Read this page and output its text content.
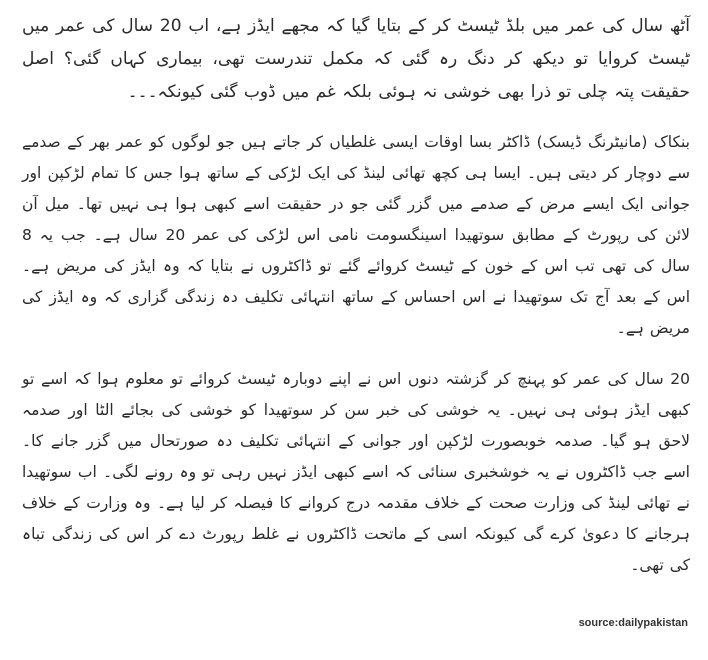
آٹھ سال کی عمر میں بلڈ ٹیسٹ کر کے بتایا گیا کہ مجھے ایڈز ہے، اب 20 سال کی عمر میں ٹیسٹ کروایا تو دیکھ کر دنگ رہ گئی کہ مکمل تندرست تھی، بیماری کہاں گئی؟ اصل حقیقت پتہ چلی تو ذرا بھی خوشی نہ ہوئی بلکہ غم میں ڈوب گئی کیونکہ۔۔۔

بنکاک (مانیٹرنگ ڈیسک) ڈاکٹر بسا اوقات ایسی غلطیاں کر جاتے ہیں جو لوگوں کو عمر بھر کے صدمے سے دوچار کر دیتی ہیں۔ ایسا ہی کچھ تھائی لینڈ کی ایک لڑکی کے ساتھ ہوا جس کا تمام لڑکپن اور جوانی ایک ایسے مرض کے صدمے میں گزر گئی جو در حقیقت اسے کبھی ہوا ہی نہیں تھا۔ میل آن لائن کی رپورٹ کے مطابق سوتھیدا اسینگسومت نامی اس لڑکی کی عمر 20 سال ہے۔ جب یہ 8 سال کی تھی تب اس کے خون کے ٹیسٹ کروائے گئے تو ڈاکٹروں نے بتایا کہ وہ ایڈز کی مریض ہے۔ اس کے بعد آج تک سوتھیدا نے اس احساس کے ساتھ انتہائی تکلیف دہ زندگی گزاری کہ وہ ایڈز کی مریض ہے۔

20 سال کی عمر کو پہنچ کر گزشتہ دنوں اس نے اپنے دوبارہ ٹیسٹ کروائے تو معلوم ہوا کہ اسے تو کبھی ایڈز ہوئی ہی نہیں۔ یہ خوشی کی خبر سن کر سوتھیدا کو خوشی کی بجائے الٹا اور صدمہ لاحق ہو گیا۔ صدمہ خوبصورت لڑکپن اور جوانی کے انتہائی تکلیف دہ صورتحال میں گزر جانے کا۔ اسے جب ڈاکٹروں نے یہ خوشخبری سنائی کہ اسے کبھی ایڈز نہیں رہی تو وہ رونے لگی۔ اب سوتھیدا نے تھائی لینڈ کی وزارت صحت کے خلاف مقدمہ درج کروانے کا فیصلہ کر لیا ہے۔ وہ وزارت کے خلاف ہرجانے کا دعویٰ کرے گی کیونکہ اسی کے ماتحت ڈاکٹروں نے غلط رپورٹ دے کر اس کی زندگی تباہ کی تھی۔

source:dailypakistan
